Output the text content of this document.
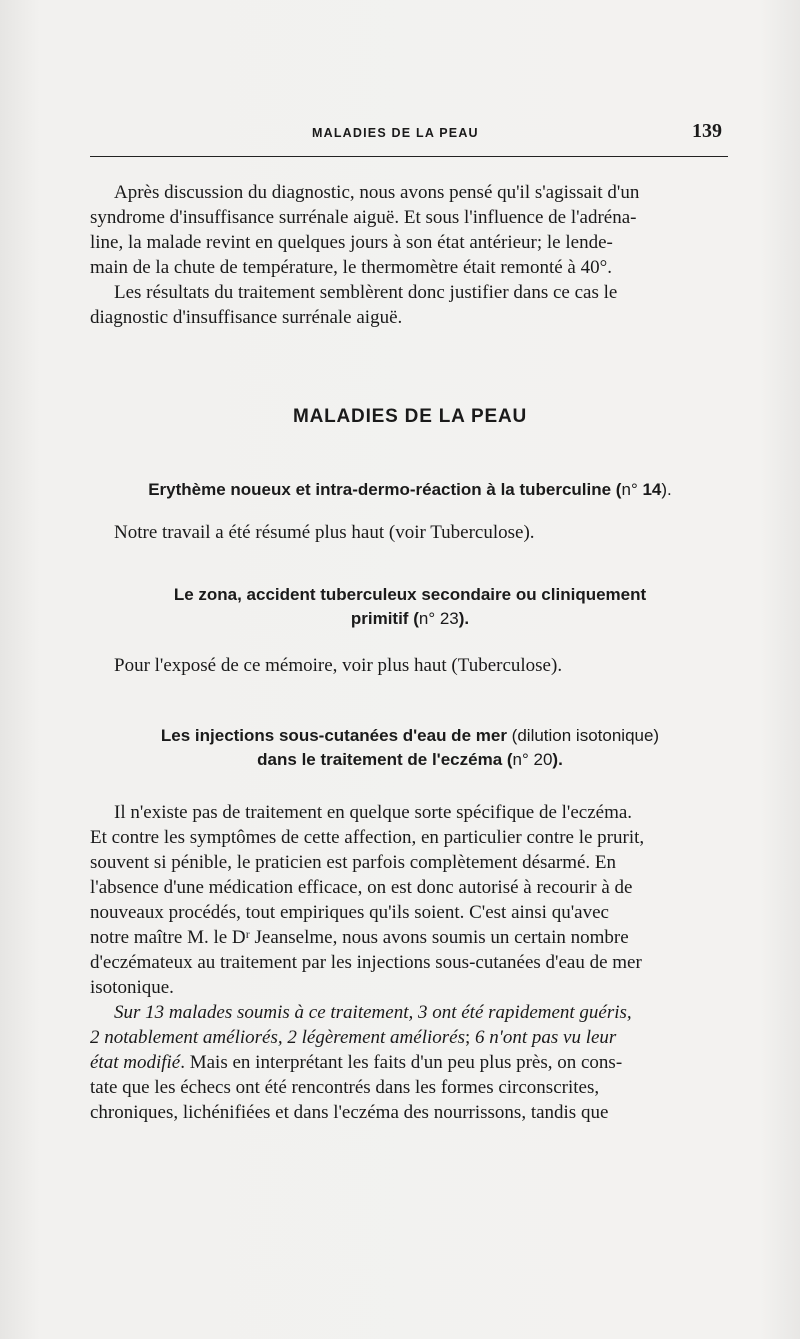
MALADIES DE LA PEAU	139

Après discussion du diagnostic, nous avons pensé qu'il s'agissait d'un

syndrome d'insuffisance surrénale aiguë. Et sous l'influence de l'adréna-

line, la malade revint en quelques jours à son état antérieur; le lende-

main de la chute de température, le thermomètre était remonté à 40°.

Les résultats du traitement semblèrent donc justifier dans ce cas le

diagnostic d'insuffisance surrénale aiguë.

MALADIES DE LA PEAU
Erythème noueux et intra-dermo-réaction à la tuberculine (n° 14).

Notre travail a été résumé plus haut (voir Tuberculose).

Le zona, accident tuberculeux secondaire ou cliniquement
primitif (n° 23).

Pour l'exposé de ce mémoire, voir plus haut (Tuberculose).

Les injections sous-cutanées d'eau de mer (dilution isotonique)
dans le traitement de l'eczéma (n° 20).

Il n'existe pas de traitement en quelque sorte spécifique de l'eczéma.

Et contre les symptômes de cette affection, en particulier contre le prurit,

souvent si pénible, le praticien est parfois complètement désarmé. En

l'absence d'une médication efficace, on est donc autorisé à recourir à de

nouveaux procédés, tout empiriques qu'ils soient. C'est ainsi qu'avec

notre maître M. le Dʳ Jeanselme, nous avons soumis un certain nombre

d'eczémateux au traitement par les injections sous-cutanées d'eau de mer

isotonique.

Sur 13 malades soumis à ce traitement, 3 ont été rapidement guéris,

2 notablement améliorés, 2 légèrement améliorés; 6 n'ont pas vu leur

état modifié. Mais en interprétant les faits d'un peu plus près, on cons-

tate que les échecs ont été rencontrés dans les formes circonscrites,

chroniques, lichénifiées et dans l'eczéma des nourrissons, tandis que
